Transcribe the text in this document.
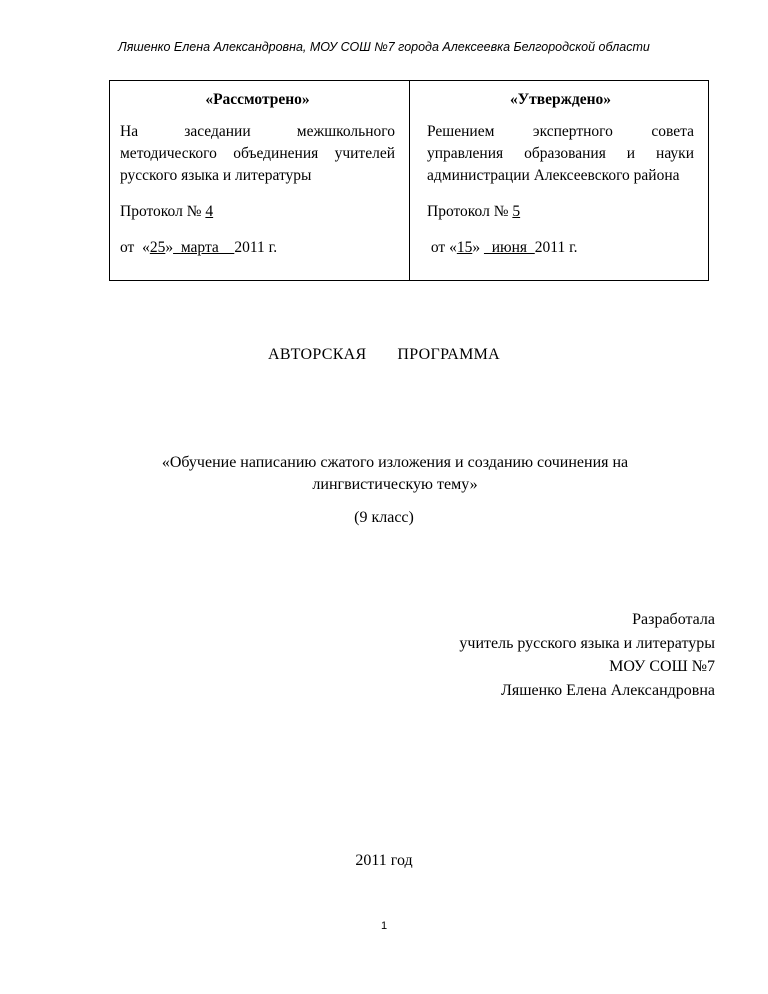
Ляшенко Елена Александровна, МОУ СОШ №7 города Алексеевка Белгородской области
«Рассмотрено»
На заседании межшкольного методического объединения учителей русского языка и литературы
Протокол № 4
от  «25»  марта    2011 г.
«Утверждено»
Решением экспертного совета управления образования и науки администрации Алексеевского района
Протокол № 5
от «15»   июня  2011 г.
АВТОРСКАЯ   ПРОГРАММА
«Обучение написанию сжатого изложения и созданию сочинения на лингвистическую тему»
(9 класс)
Разработала
учитель русского языка и литературы
МОУ СОШ №7
Ляшенко Елена Александровна
2011 год
1
